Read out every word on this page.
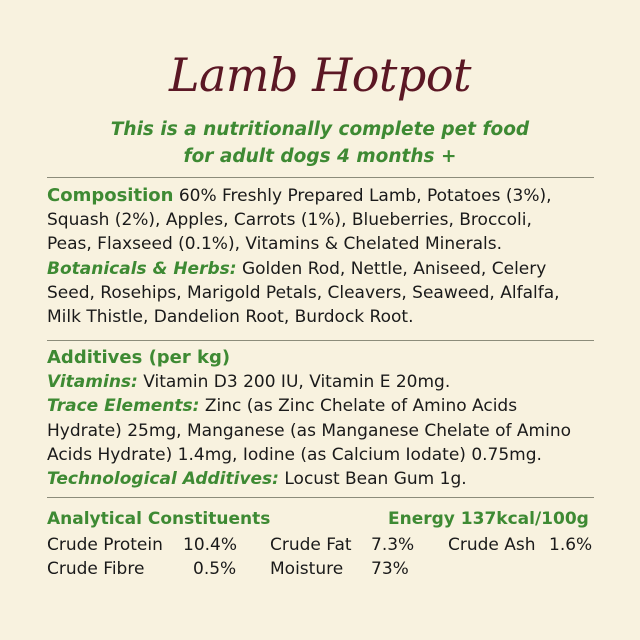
Lamb Hotpot
This is a nutritionally complete pet food
for adult dogs 4 months +
Composition 60% Freshly Prepared Lamb, Potatoes (3%),
Squash (2%), Apples, Carrots (1%), Blueberries, Broccoli,
Peas, Flaxseed (0.1%), Vitamins & Chelated Minerals.
Botanicals & Herbs: Golden Rod, Nettle, Aniseed, Celery
Seed, Rosehips, Marigold Petals, Cleavers, Seaweed, Alfalfa,
Milk Thistle, Dandelion Root, Burdock Root.
Additives (per kg)
Vitamins: Vitamin D3 200 IU, Vitamin E 20mg.
Trace Elements: Zinc (as Zinc Chelate of Amino Acids
Hydrate) 25mg, Manganese (as Manganese Chelate of Amino
Acids Hydrate) 1.4mg, Iodine (as Calcium Iodate) 0.75mg.
Technological Additives: Locust Bean Gum 1g.
Analytical Constituents	Energy 137kcal/100g
Crude Protein 10.4% Crude Fat 7.3% Crude Ash 1.6%
Crude Fibre	0.5% Moisture 73%
